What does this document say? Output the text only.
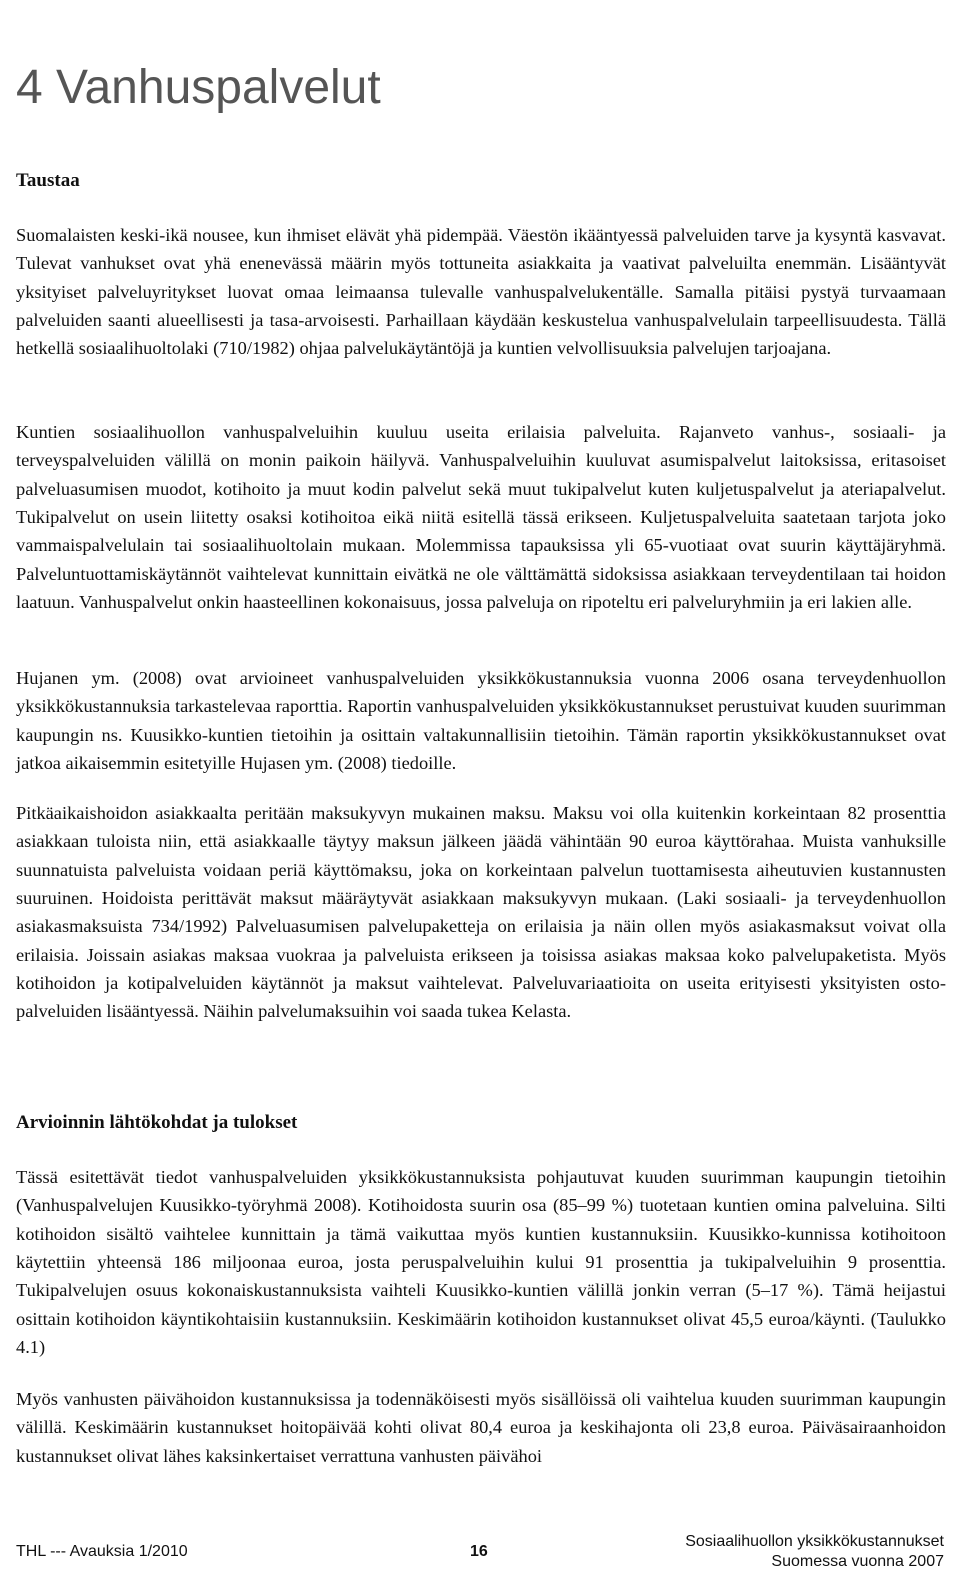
4 Vanhuspalvelut
Taustaa

Suomalaisten keski-ikä nousee, kun ihmiset elävät yhä pidempää. Väestön ikääntyessä palveluiden tarve ja kysyntä kasvavat. Tulevat vanhukset ovat yhä enenevässä määrin myös tottuneita asiakkaita ja vaativat palveluilta enemmän. Lisääntyvät yksityiset palveluyritykset luovat omaa leimaansa tulevalle vanhuspalvelukentälle. Samalla pitäisi pystyä turvaamaan palveluiden saanti alueellisesti ja tasa-arvoisesti. Parhaillaan käydään keskustelua vanhuspalvelulain tarpeellisuudesta. Tällä hetkellä sosiaalihuoltolaki (710/1982) ohjaa palvelukäytäntöjä ja kuntien velvollisuuksia palvelujen tarjoajana.

Kuntien sosiaalihuollon vanhuspalveluihin kuuluu useita erilaisia palveluita. Rajanveto vanhus-, sosiaali- ja terveyspalveluiden välillä on monin paikoin häilyvä. Vanhuspalveluihin kuuluvat asumispalvelut laitoksissa, eritasoiset palveluasumisen muodot, kotihoito ja muut kodin palvelut sekä muut tukipalvelut kuten kuljetuspalvelut ja ateriapalvelut. Tukipalvelut on usein liitetty osaksi kotihoitoa eikä niitä esitellä tässä erikseen. Kuljetuspalveluita saatetaan tarjota joko vammaispalvelulain tai sosiaalihuoltolain mukaan. Molemmissa tapauksissa yli 65-vuotiaat ovat suurin käyttäjäryhmä. Palveluntuottamiskäytännöt vaihtelevat kunnittain eivätkä ne ole välttämättä sidoksissa asiakkaan terveydentilaan tai hoidon laatuun. Vanhuspalvelut onkin haasteellinen kokonaisuus, jossa palveluja on ripoteltu eri palveluryhmiin ja eri lakien alle.

Hujanen ym. (2008) ovat arvioineet vanhuspalveluiden yksikkökustannuksia vuonna 2006 osana terveydenhuollon yksikkökustannuksia tarkastelevaa raporttia. Raportin vanhuspalveluiden yksikkökustannukset perustuivat kuuden suurimman kaupungin ns. Kuusikko-kuntien tietoihin ja osittain valtakunnallisiin tietoihin. Tämän raportin yksikkökustannukset ovat jatkoa aikaisemmin esitetyille Hujasen ym. (2008) tiedoille.

Pitkäaikaishoidon asiakkaalta peritään maksukyvyn mukainen maksu. Maksu voi olla kuitenkin korkeintaan 82 prosenttia asiakkaan tuloista niin, että asiakkaalle täytyy maksun jälkeen jäädä vähintään 90 euroa käyttörahaa. Muista vanhuksille suunnatuista palveluista voidaan periä käyttömaksu, joka on korkeintaan palvelun tuottamisesta aiheutuvien kustannusten suuruinen. Hoidoista perittävät maksut määräytyvät asiakkaan maksukyvyn mukaan. (Laki sosiaali- ja terveydenhuollon asiakasmaksuista 734/1992) Palveluasumisen palvelupaketteja on erilaisia ja näin ollen myös asiakasmaksut voivat olla erilaisia. Joissain asiakas maksaa vuokraa ja palveluista erikseen ja toisissa asiakas maksaa koko palvelupaketista. Myös kotihoidon ja kotipalveluiden käytännöt ja maksut vaihtelevat. Palveluvariaatioita on useita erityisesti yksityisten ostopalveluiden lisääntyessä. Näihin palvelumaksuihin voi saada tukea Kelasta.

Arvioinnin lähtökohdat ja tulokset

Tässä esitettävät tiedot vanhuspalveluiden yksikkökustannuksista pohjautuvat kuuden suurimman kaupungin tietoihin (Vanhuspalvelujen Kuusikko-työryhmä 2008). Kotihoidosta suurin osa (85–99 %) tuotetaan kuntien omina palveluina. Silti kotihoidon sisältö vaihtelee kunnittain ja tämä vaikuttaa myös kuntien kustannuksiin. Kuusikko-kunnissa kotihoitoon käytettiin yhteensä 186 miljoonaa euroa, josta peruspalveluihin kului 91 prosenttia ja tukipalveluihin 9 prosenttia. Tukipalvelujen osuus kokonaiskustannuksista vaihteli Kuusikko-kuntien välillä jonkin verran (5–17 %). Tämä heijastui osittain kotihoidon käyntikohtaisiin kustannuksiin. Keskimäärin kotihoidon kustannukset olivat 45,5 euroa/käynti. (Taulukko 4.1)

Myös vanhusten päivähoidon kustannuksissa ja todennäköisesti myös sisällöissä oli vaihtelua kuuden suurimman kaupungin välillä. Keskimäärin kustannukset hoitopäivää kohti olivat 80,4 euroa ja keskihajonta oli 23,8 euroa. Päiväsairaanhoidon kustannukset olivat lähes kaksinkertaiset verrattuna vanhusten päivähoi

THL --- Avauksia 1/2010	16
Sosiaalihuollon yksikkökustannukset
Suomessa vuonna 2007
